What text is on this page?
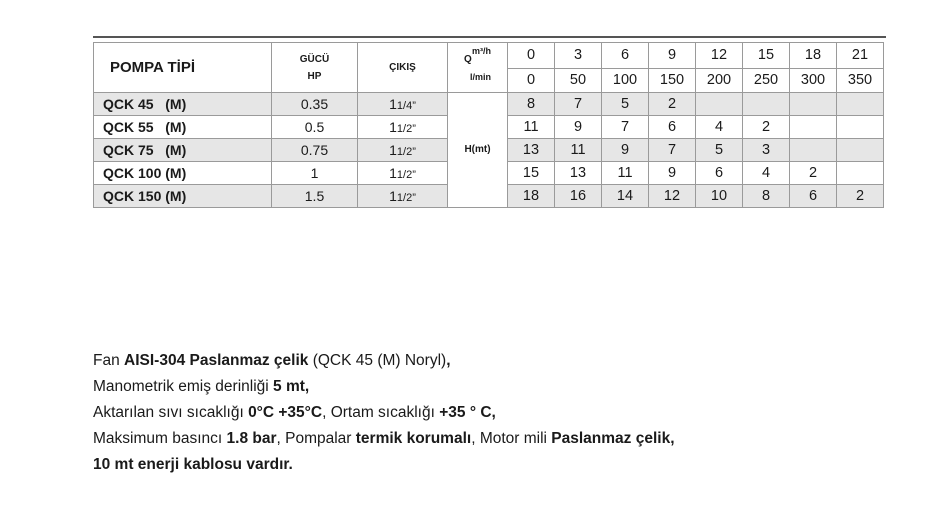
POMPA TİPİ	GÜCÜ
HP	ÇIKIŞ	Q
m³/h
l/min	0	3	6	9	12	15	18	21
				0	50	100	150	200	250	300	350
QCK 45   (M)	0.35	11/4”	H(mt)	8	7	5	2				
QCK 55   (M)	0.5	11/2”		11	9	7	6	4	2		
QCK 75   (M)	0.75	11/2”		13	11	9	7	5	3		
QCK 100 (M)	1	11/2”		15	13	11	9	6	4	2	
QCK 150 (M)	1.5	11/2”		18	16	14	12	10	8	6	2
Fan AISI-304 Paslanmaz çelik (QCK 45 (M) Noryl),
Manometrik emiş derinliği 5 mt,
Aktarılan sıvı sıcaklığı 0°C +35°C, Ortam sıcaklığı +35 ° C,
Maksimum basıncı 1.8 bar, Pompalar termik korumalı, Motor mili Paslanmaz çelik,
10 mt enerji kablosu vardır.
